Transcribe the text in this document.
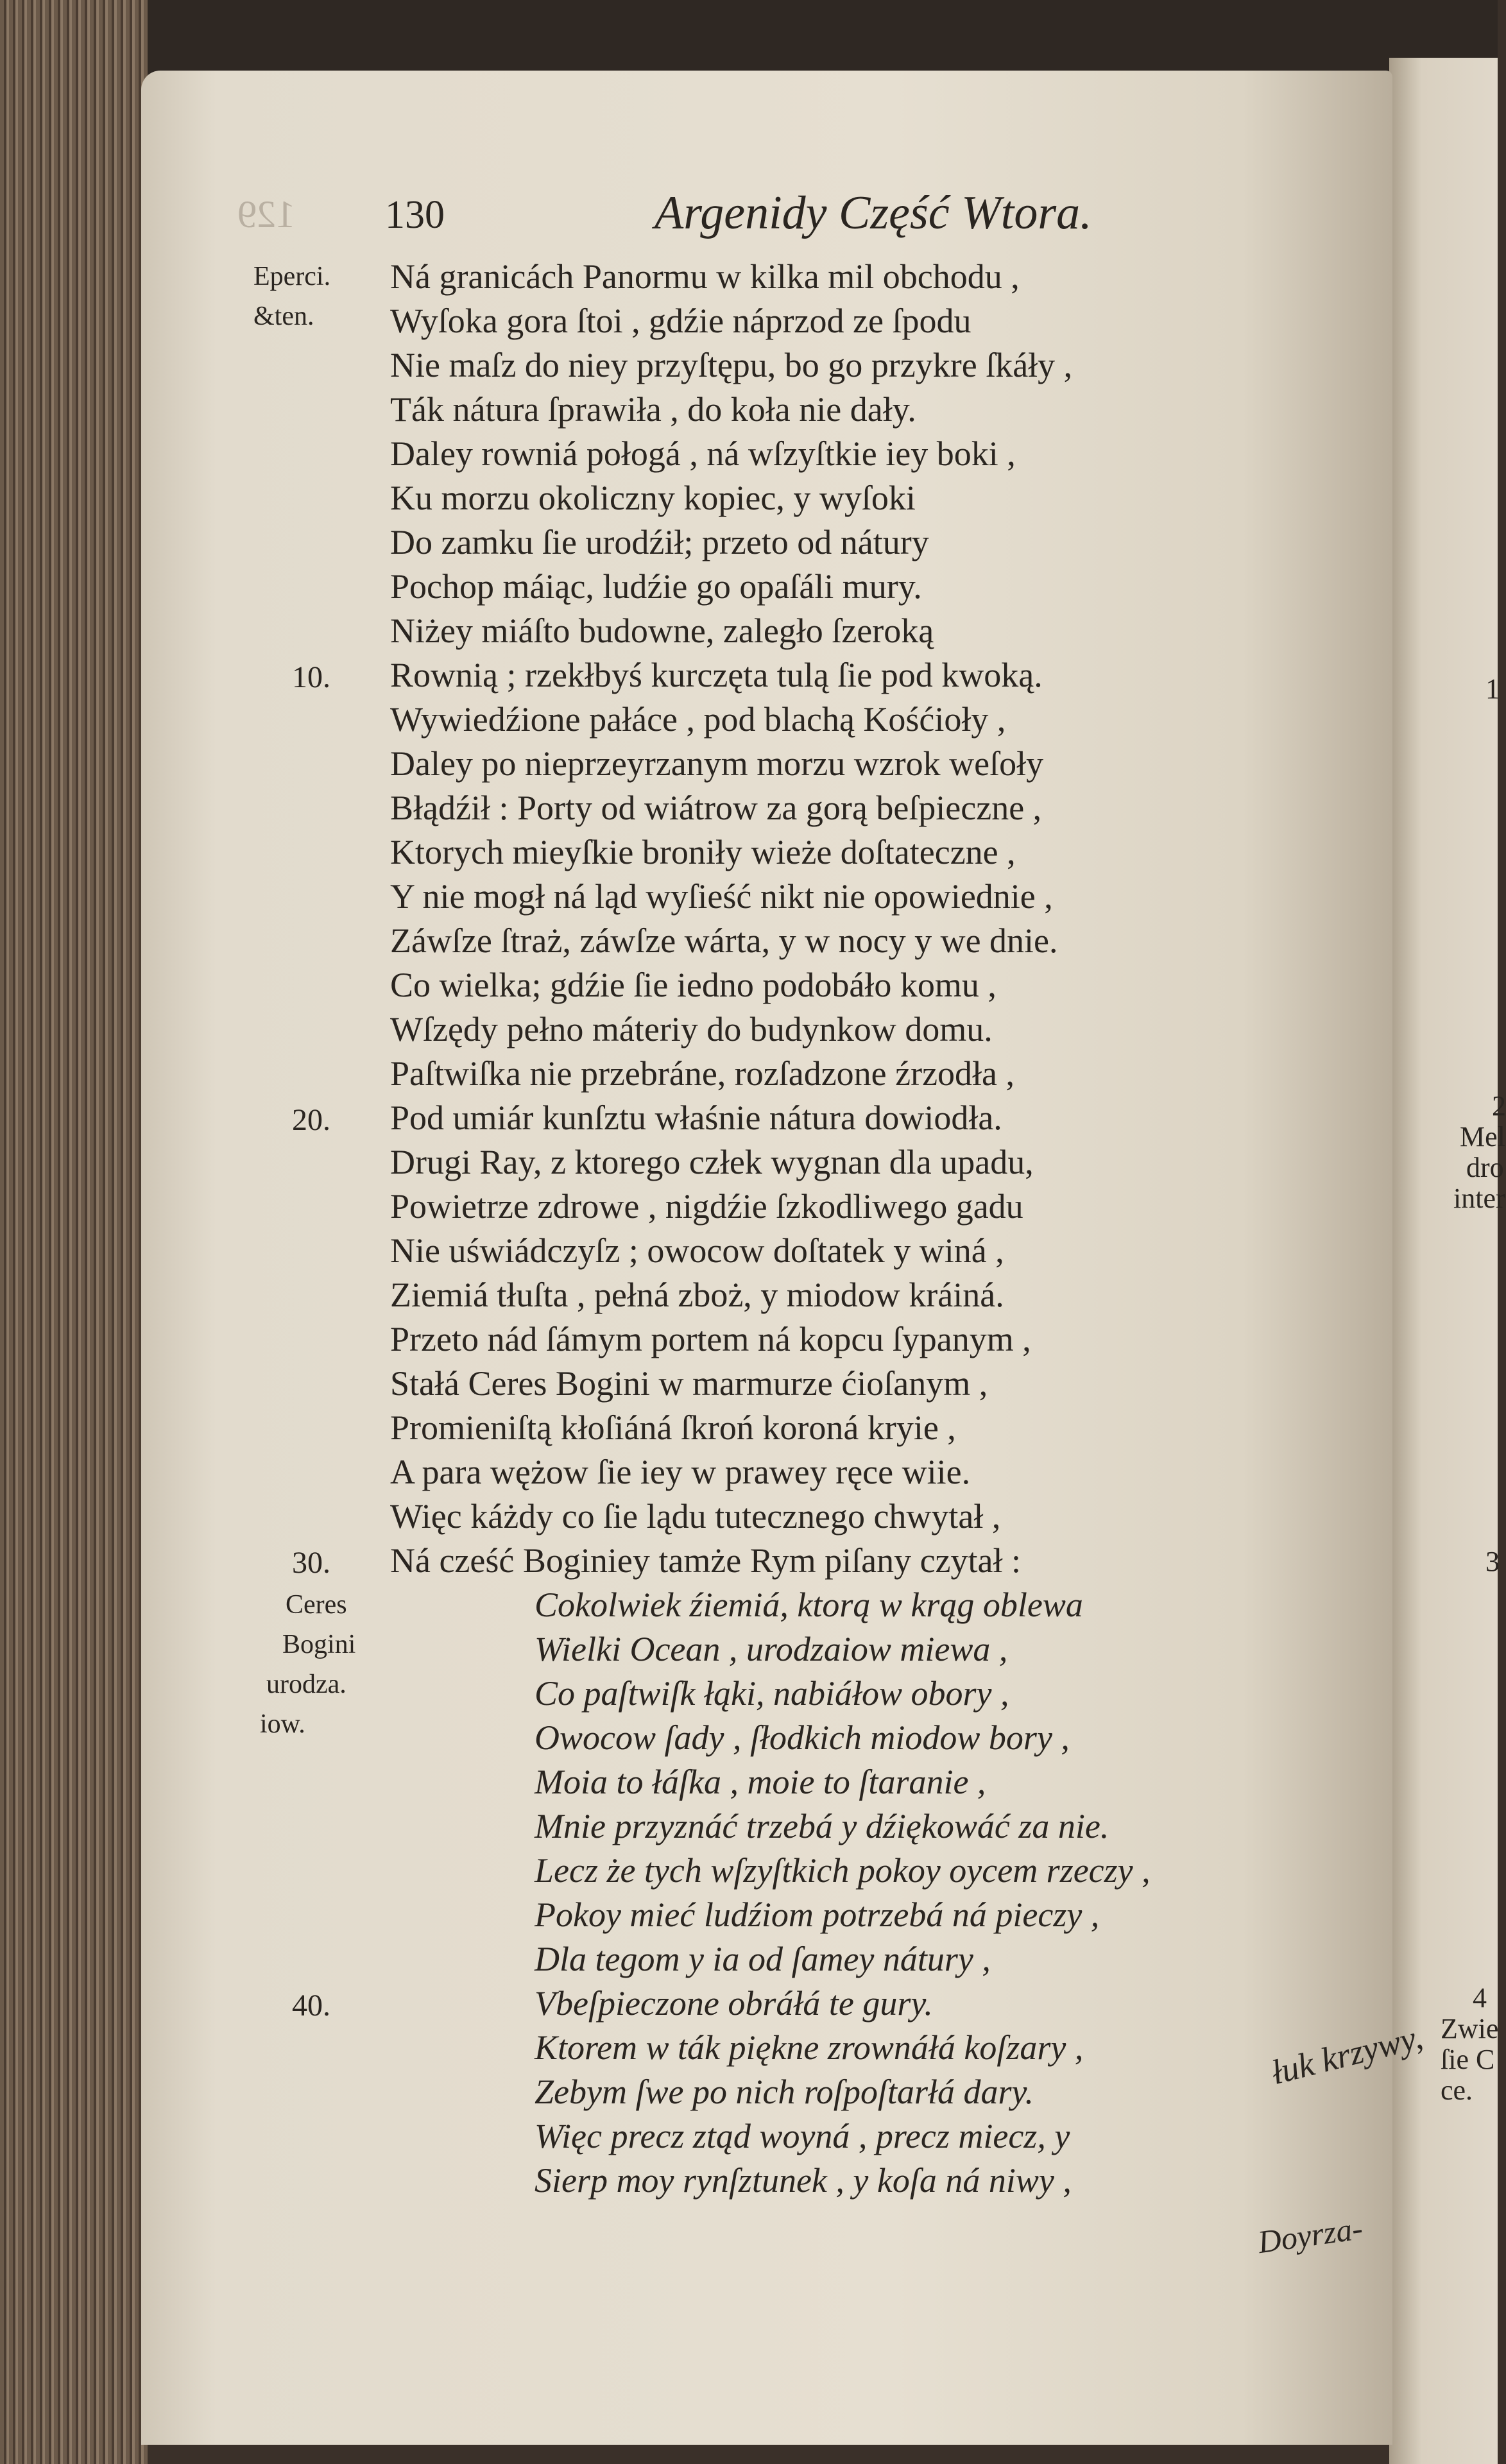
1
2
Mel
dro
inter
3
4
Zwie
ſie C
ce.
129 130	Argenidy Część Wtora.
Ná granicách Panormu w kilka mil obchodu ,
Wyſoka gora ſtoi , gdźie náprzod ze ſpodu
Nie maſz do niey przyſtępu, bo go przykre ſkáły ,
Ták nátura ſprawiła , do koła nie dały.
Daley rowniá połogá , ná wſzyſtkie iey boki ,
Ku morzu okoliczny kopiec, y wyſoki
Do zamku ſie urodźił; przeto od nátury
Pochop máiąc, ludźie go opaſáli mury.
Niżey miáſto budowne, zaległo ſzeroką
Rownią ; rzekłbyś kurczęta tulą ſie pod kwoką.
Wywiedźione pałáce , pod blachą Kośćioły ,
Daley po nieprzeyrzanym morzu wzrok weſoły
Błądźił : Porty od wiátrow za gorą beſpieczne ,
Ktorych mieyſkie broniły wieże doſtateczne ,
Y nie mogł ná ląd wyſieść nikt nie opowiednie ,
Záwſze ſtraż, záwſze wárta, y w nocy y we dnie.
Co wielka; gdźie ſie iedno podobáło komu ,
Wſzędy pełno máteriy do budynkow domu.
Paſtwiſka nie przebráne, rozſadzone źrzodła ,
Pod umiár kunſztu właśnie nátura dowiodła.
Drugi Ray, z ktorego człek wygnan dla upadu,
Powietrze zdrowe , nigdźie ſzkodliwego gadu
Nie uświádczyſz ; owocow doſtatek y winá ,
Ziemiá tłuſta , pełná zboż, y miodow kráiná.
Przeto nád ſámym portem ná kopcu ſypanym ,
Stałá Ceres Bogini w marmurze ćioſanym ,
Promieniſtą kłoſiáná ſkroń koroná kryie ,
A para wężow ſie iey w prawey ręce wiie.
Więc káżdy co ſie lądu tutecznego chwytał ,
Ná cześć Boginiey tamże Rym piſany czytał :
Cokolwiek źiemiá, ktorą w krąg oblewa
Wielki Ocean , urodzaiow miewa ,
Co paſtwiſk łąki, nabiáłow obory ,
Owocow ſady , ſłodkich miodow bory ,
Moia to łáſka , moie to ſtaranie ,
Mnie przyznáć trzebá y dźiękowáć za nie.
Lecz że tych wſzyſtkich pokoy oycem rzeczy ,
Pokoy mieć ludźiom potrzebá ná pieczy ,
Dla tegom y ia od ſamey nátury ,
Vbeſpieczone obráłá te gury.
Ktorem w ták piękne zrownáłá koſzary ,
Zebym ſwe po nich roſpoſtarłá dary.
Więc precz ztąd woyná , precz miecz, y
Sierp moy rynſztunek , y koſa ná niwy ,
10.
20.
30.
40.
Eperci.
&ten.
Ceres
Bogini
urodza.
iow.
łuk krzywy,
Doyrza-
